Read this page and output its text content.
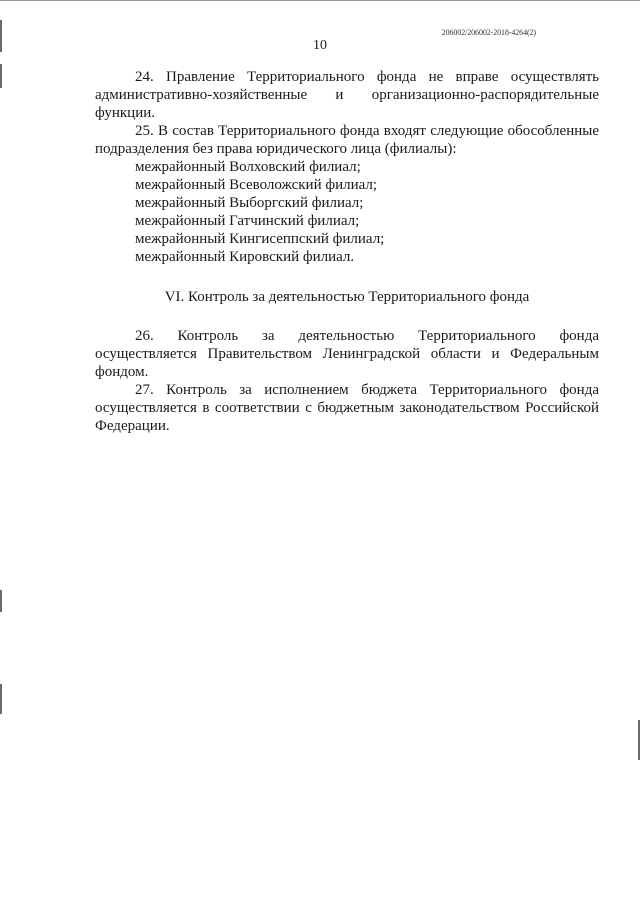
206002/206002-2018-4264(2)
10

24. Правление Территориального фонда не вправе осуществлять административно-хозяйственные и организационно-распорядительные функции.

25. В состав Территориального фонда входят следующие обособленные подразделения без права юридического лица (филиалы):

межрайонный Волховский филиал;

межрайонный Всеволожский филиал;

межрайонный Выборгский филиал;

межрайонный Гатчинский филиал;

межрайонный Кингисеппский филиал;

межрайонный Кировский филиал.

VI. Контроль за деятельностью Территориального фонда

26. Контроль за деятельностью Территориального фонда осуществляется Правительством Ленинградской области и Федеральным фондом.

27. Контроль за исполнением бюджета Территориального фонда осуществляется в соответствии с бюджетным законодательством Российской Федерации.
